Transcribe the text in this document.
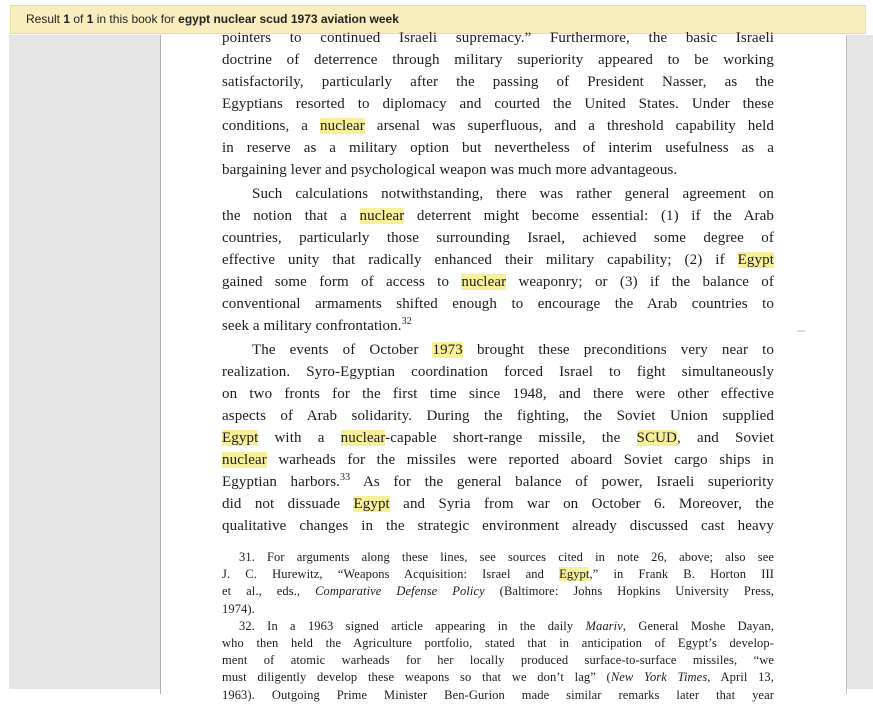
Result 1 of 1 in this book for egypt nuclear scud 1973 aviation week
pointers to continued Israeli supremacy.” Furthermore, the basic Israeli
doctrine of deterrence through military superiority appeared to be working
satisfactorily, particularly after the passing of President Nasser, as the
Egyptians resorted to diplomacy and courted the United States. Under these
conditions, a nuclear arsenal was superfluous, and a threshold capability held
in reserve as a military option but nevertheless of interim usefulness as a
bargaining lever and psychological weapon was much more advantageous.
Such calculations notwithstanding, there was rather general agreement on
the notion that a nuclear deterrent might become essential: (1) if the Arab
countries, particularly those surrounding Israel, achieved some degree of
effective unity that radically enhanced their military capability; (2) if Egypt
gained some form of access to nuclear weaponry; or (3) if the balance of
conventional armaments shifted enough to encourage the Arab countries to
seek a military confrontation.$^{32}$
The events of October 1973 brought these preconditions very near to
realization. Syro-Egyptian coordination forced Israel to fight simultaneously
on two fronts for the first time since 1948, and there were other effective
aspects of Arab solidarity. During the fighting, the Soviet Union supplied
Egypt with a nuclear-capable short-range missile, the SCUD, and Soviet
nuclear warheads for the missiles were reported aboard Soviet cargo ships in
Egyptian harbors.$^{33}$ As for the general balance of power, Israeli superiority
did not dissuade Egypt and Syria from war on October 6. Moreover, the
qualitative changes in the strategic environment already discussed cast heavy
31. For arguments along these lines, see sources cited in note 26, above; also see
J. C. Hurewitz, “Weapons Acquisition: Israel and Egypt,” in Frank B. Horton III
et al., eds., Comparative Defense Policy (Baltimore: Johns Hopkins University Press,
1974).
32. In a 1963 signed article appearing in the daily Maariv, General Moshe Dayan,
who then held the Agriculture portfolio, stated that in anticipation of Egypt’s develop-
ment of atomic warheads for her locally produced surface-to-surface missiles, “we
must diligently develop these weapons so that we don’t lag” (New York Times, April 13,
1963). Outgoing Prime Minister Ben-Gurion made similar remarks later that year
